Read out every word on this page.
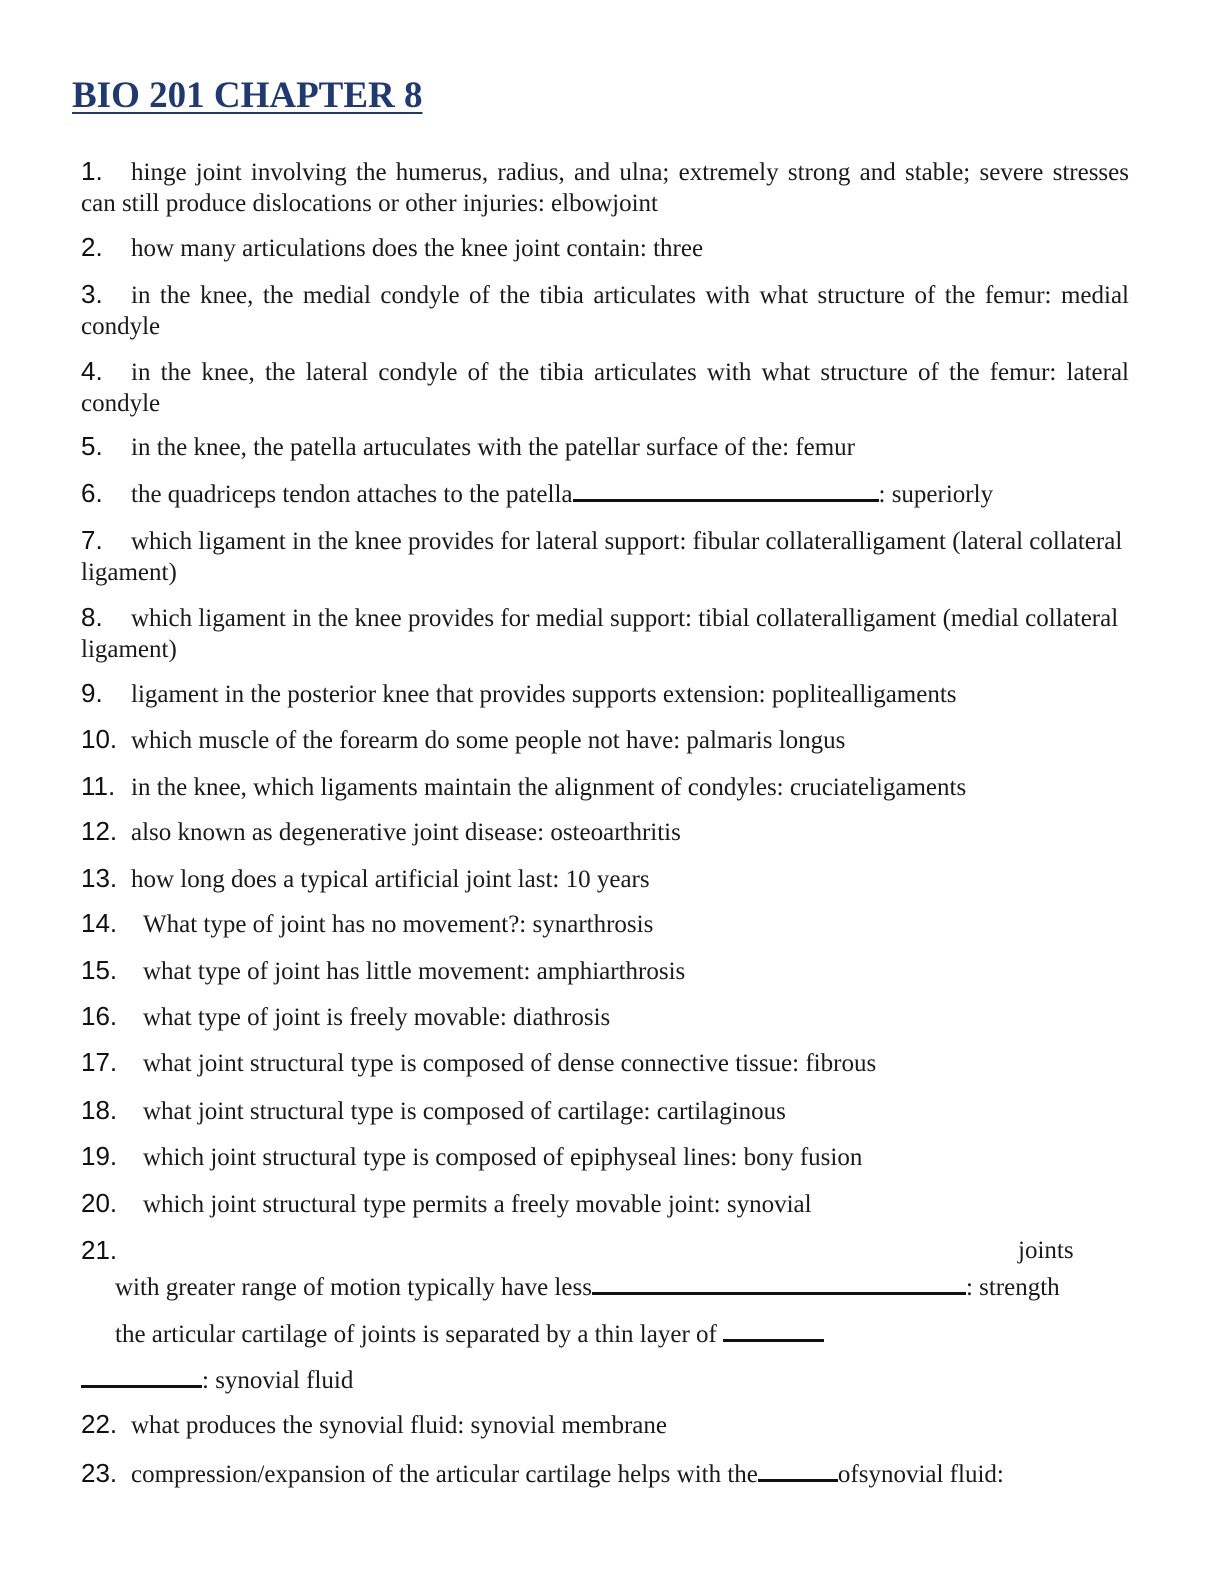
BIO 201 CHAPTER 8
1. hinge joint involving the humerus, radius, and ulna; extremely strong and stable; severe stresses can still produce dislocations or other injuries: elbowjoint
2. how many articulations does the knee joint contain: three
3. in the knee, the medial condyle of the tibia articulates with what structure of the femur: medial condyle
4. in the knee, the lateral condyle of the tibia articulates with what structure of the femur: lateral condyle
5. in the knee, the patella artuculates with the patellar surface of the: femur
6. the quadriceps tendon attaches to the patella	: superiorly
7. which ligament in the knee provides for lateral support: fibular collateralligament (lateral collateral ligament)
8. which ligament in the knee provides for medial support: tibial collateralligament (medial collateral ligament)
9. ligament in the posterior knee that provides supports extension: poplitealligaments
10. which muscle of the forearm do some people not have: palmaris longus
11. in the knee, which ligaments maintain the alignment of condyles: cruciateligaments
12. also known as degenerative joint disease: osteoarthritis
13. how long does a typical artificial joint last: 10 years
14. What type of joint has no movement?: synarthrosis
15. what type of joint has little movement: amphiarthrosis
16. what type of joint is freely movable: diathrosis
17. what joint structural type is composed of dense connective tissue: fibrous
18. what joint structural type is composed of cartilage: cartilaginous
19. which joint structural type is composed of epiphyseal lines: bony fusion
20. which joint structural type permits a freely movable joint: synovial
21.	joints
with greater range of motion typically have less	: strength
the articular cartilage of joints is separated by a thin layer of
: synovial fluid
22. what produces the synovial fluid: synovial membrane
23. compression/expansion of the articular cartilage helps with the	ofsynovial fluid:
